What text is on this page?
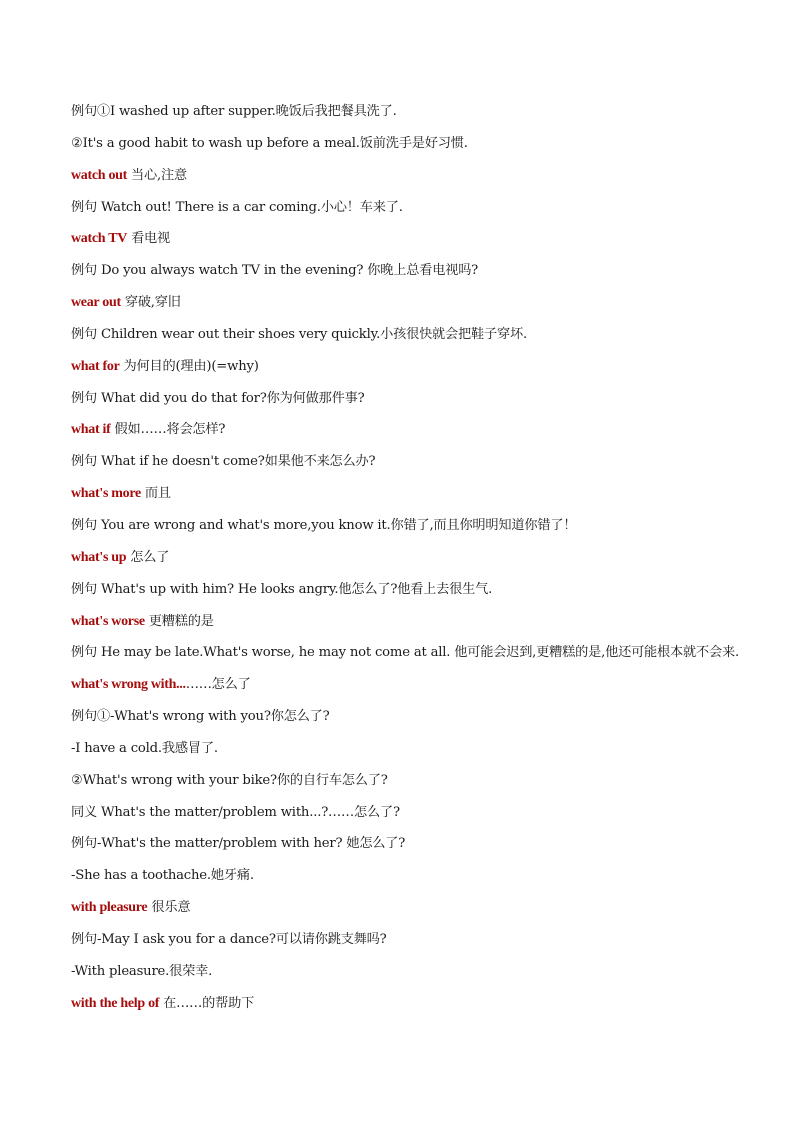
例句①I washed up after supper.晚饭后我把餐具洗了.
②It's a good habit to wash up before a meal.饭前洗手是好习惯.
watch out 当心,注意
例句 Watch out! There is a car coming.小心！车来了.
watch TV 看电视
例句 Do you always watch TV in the evening? 你晚上总看电视吗?
wear out 穿破,穿旧
例句 Children wear out their shoes very quickly.小孩很快就会把鞋子穿坏.
what for 为何目的(理由)(=why)
例句 What did you do that for?你为何做那件事?
what if 假如……将会怎样?
例句 What if he doesn't come?如果他不来怎么办?
what's more 而且
例句 You are wrong and what's more,you know it.你错了,而且你明明知道你错了！
what's up 怎么了
例句 What's up with him? He looks angry.他怎么了?他看上去很生气.
what's worse 更糟糕的是
例句 He may be late.What's worse, he may not come at all. 他可能会迟到,更糟糕的是,他还可能根本就不会来.
what's wrong with...……怎么了
例句①-What's wrong with you?你怎么了?
-I have a cold.我感冒了.
②What's wrong with your bike?你的自行车怎么了?
同义 What's the matter/problem with...?……怎么了?
例句-What's the matter/problem with her? 她怎么了?
-She has a toothache.她牙痛.
with pleasure 很乐意
例句-May I ask you for a dance?可以请你跳支舞吗?
-With pleasure.很荣幸.
with the help of 在……的帮助下
